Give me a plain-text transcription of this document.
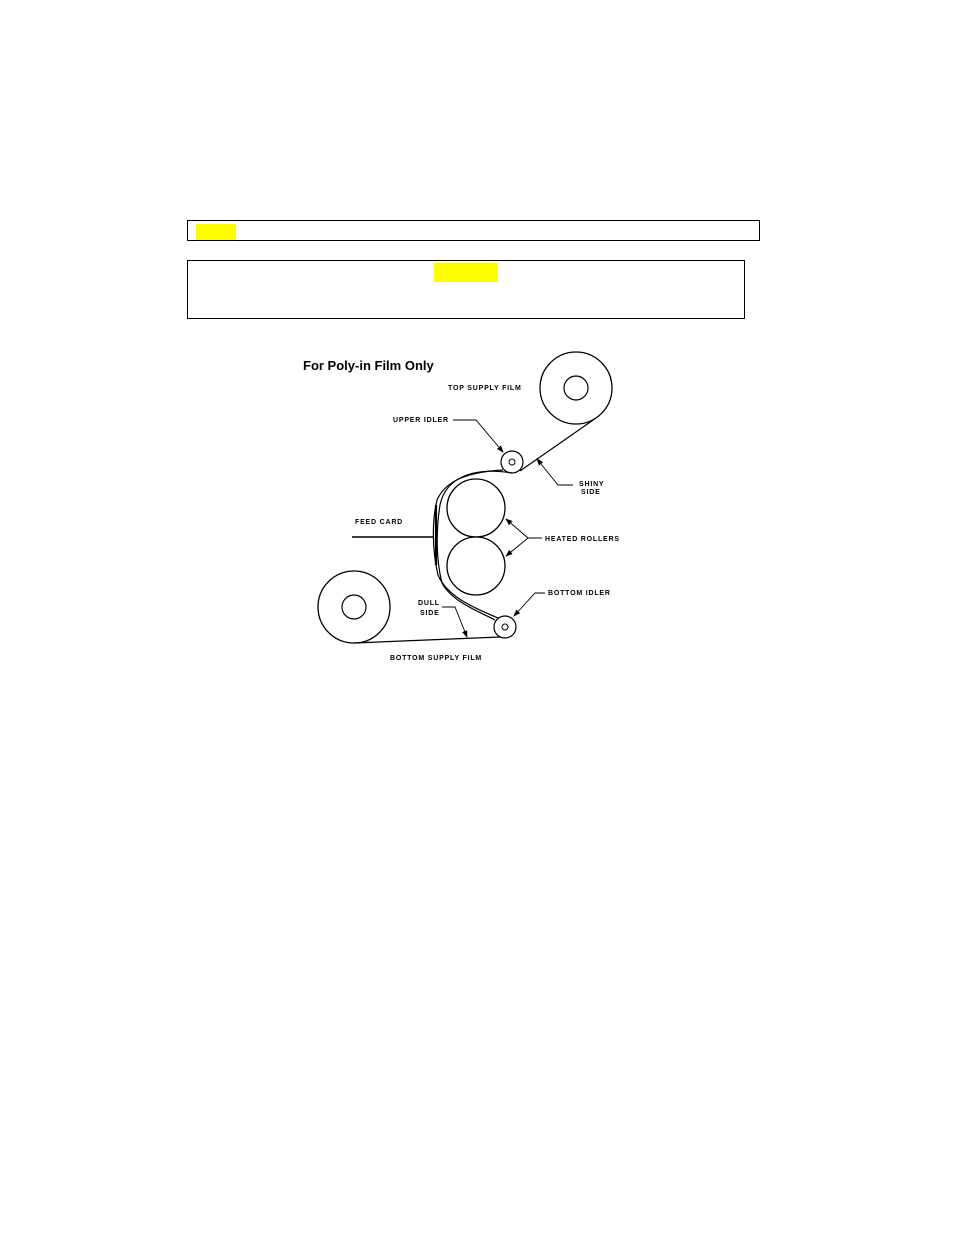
For Poly-in Film Only
TOP SUPPLY FILM
UPPER IDLER
SHINY
SIDE
FEED CARD
HEATED ROLLERS
BOTTOM IDLER
DULL
SIDE
BOTTOM SUPPLY FILM
